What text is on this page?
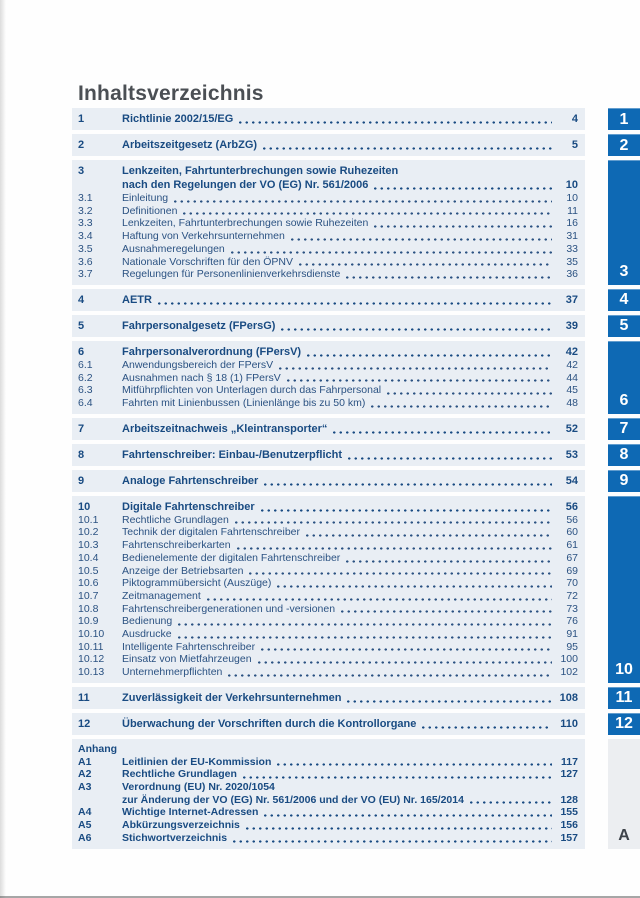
Inhaltsverzeichnis
1	Richtlinie 2002/15/EG	4	1
2	Arbeitszeitgesetz (ArbZG)	5	2
3	Lenkzeiten, Fahrtunterbrechungen sowie Ruhezeiten
nach den Regelungen der VO (EG) Nr. 561/2006	10
3.1	Einleitung	10
3.2	Definitionen	11
3.3	Lenkzeiten, Fahrtunterbrechungen sowie Ruhezeiten	16
3.4	Haftung von Verkehrsunternehmen	31
3.5	Ausnahmeregelungen	33
3.6	Nationale Vorschriften für den ÖPNV	35
3.7	Regelungen für Personenlinienverkehrsdienste	36	3
4	AETR	37	4
5	Fahrpersonalgesetz (FPersG)	39	5
6	Fahrpersonalverordnung (FPersV)	42
6.1	Anwendungsbereich der FPersV	42
6.2	Ausnahmen nach § 18 (1) FPersV	44
6.3	Mitführpflichten von Unterlagen durch das Fahrpersonal	45
6.4	Fahrten mit Linienbussen (Linienlänge bis zu 50 km)	48	6
7	Arbeitszeitnachweis „Kleintransporter“	52	7
8	Fahrtenschreiber: Einbau-/Benutzerpflicht	53	8
9	Analoge Fahrtenschreiber	54	9
10	Digitale Fahrtenschreiber	56
10.1	Rechtliche Grundlagen	56
10.2	Technik der digitalen Fahrtenschreiber	60
10.3	Fahrtenschreiberkarten	61
10.4	Bedienelemente der digitalen Fahrtenschreiber	67
10.5	Anzeige der Betriebsarten	69
10.6	Piktogrammübersicht (Auszüge)	70
10.7	Zeitmanagement	72
10.8	Fahrtenschreibergenerationen und -versionen	73
10.9	Bedienung	76
10.10	Ausdrucke	91
10.11	Intelligente Fahrtenschreiber	95
10.12	Einsatz von Mietfahrzeugen	100
10.13	Unternehmerpflichten	102	10
11	Zuverlässigkeit der Verkehrsunternehmen	108	11
12	Überwachung der Vorschriften durch die Kontrollorgane	110	12
Anhang
A1	Leitlinien der EU-Kommission	117
A2	Rechtliche Grundlagen	127
A3	Verordnung (EU) Nr. 2020/1054
zur Änderung der VO (EG) Nr. 561/2006 und der VO (EU) Nr. 165/2014	128
A4	Wichtige Internet-Adressen	155
A5	Abkürzungsverzeichnis	156
A6	Stichwortverzeichnis	157	A
